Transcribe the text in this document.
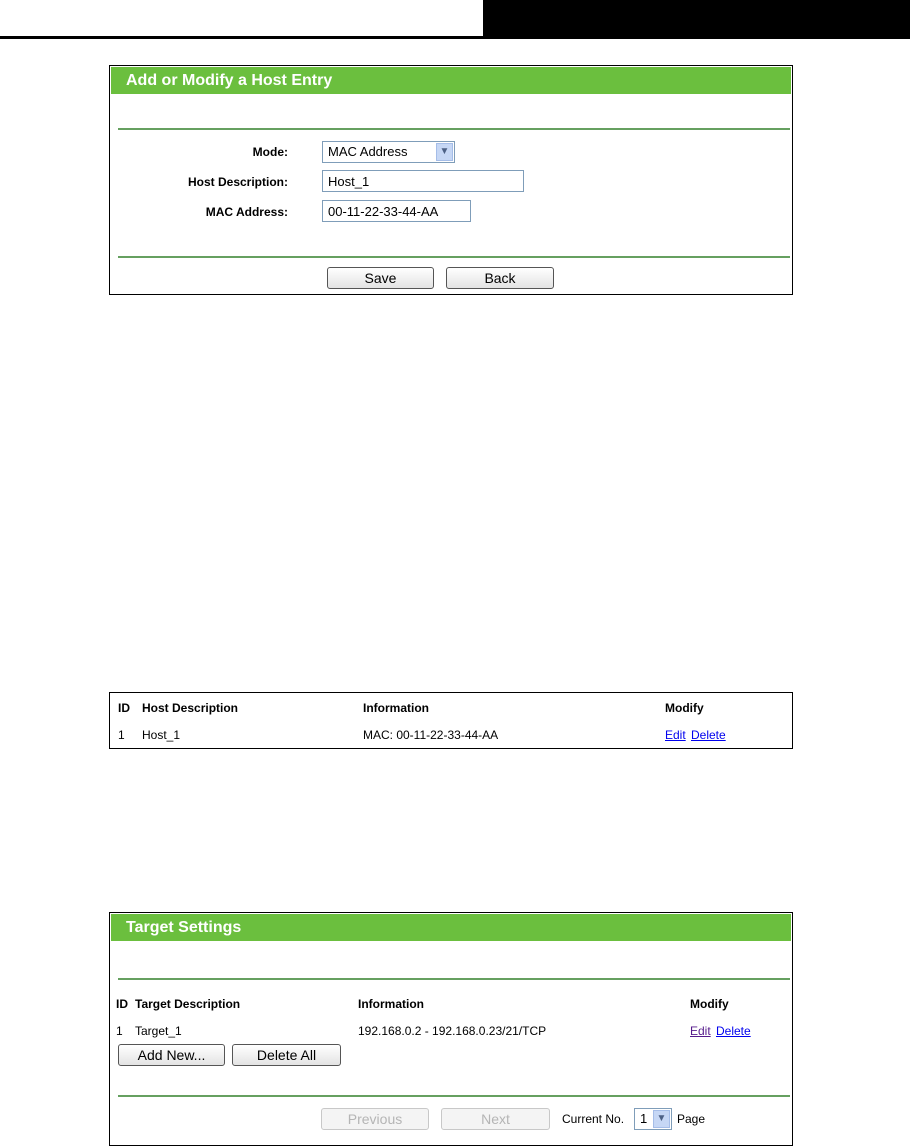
Add or Modify a Host Entry
Mode:	MAC Address	▼
Host Description:
Host_1
MAC Address:
00-11-22-33-44-AA
Save	Back
ID Host Description	Information	Modify
1 Host_1	MAC: 00-11-22-33-44-AA	Edit Delete
Target Settings
ID Target Description	Information	Modify
1 Target_1	192.168.0.2 - 192.168.0.23/21/TCP	Edit Delete
Add New...	Delete All
Previous	Next	Current No.	1 ▼ Page
